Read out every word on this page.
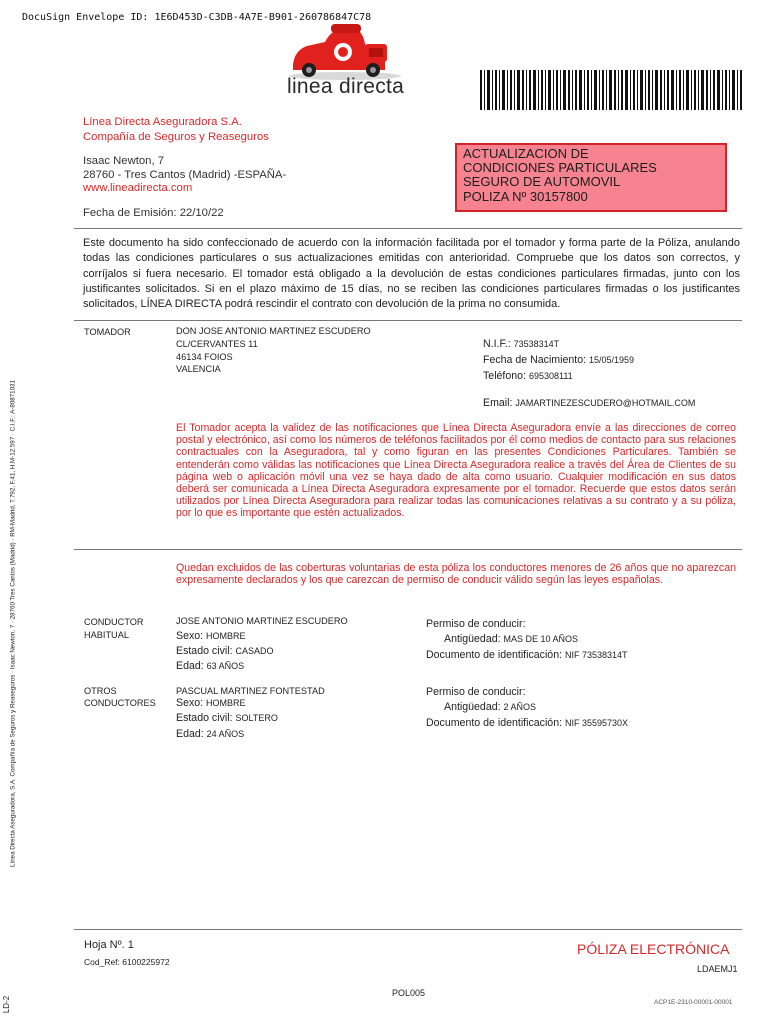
DocuSign Envelope ID: 1E6D453D-C3DB-4A7E-B901-260786847C78
Línea Directa Aseguradora, S.A. Compañía de Seguros y Reaseguros · Isaac Newton, 7 · 28760 Tres Cantos (Madrid) · RM-Madrid, T.792, F.41, H.M-12.597 · C.I.F.: A-80871031
linea directa
Línea Directa Aseguradora S.A.
Compañía de Seguros y Reaseguros
Isaac Newton, 7
28760 - Tres Cantos (Madrid) -ESPAÑA-
www.lineadirecta.com
Fecha de Emisión: 22/10/22
ACTUALIZACION DE
CONDICIONES PARTICULARES
SEGURO DE AUTOMOVIL
POLIZA Nº 30157800
Este documento ha sido confeccionado de acuerdo con la información facilitada por el tomador y forma parte de la Póliza, anulando todas las condiciones particulares o sus actualizaciones emitidas con anterioridad. Compruebe que los datos son correctos, y corríjalos si fuera necesario. El tomador está obligado a la devolución de estas condiciones particulares firmadas, junto con los justificantes solicitados. Si en el plazo máximo de 15 días, no se reciben las condiciones particulares firmadas o los justificantes solicitados, LÍNEA DIRECTA podrá rescindir el contrato con devolución de la prima no consumida.
TOMADOR	DON JOSE ANTONIO MARTINEZ ESCUDERO
CL/CERVANTES 11
46134 FOIOS
VALENCIA
N.I.F.: 73538314T
Fecha de Nacimiento: 15/05/1959
Teléfono: 695308111
Email: JAMARTINEZESCUDERO@HOTMAIL.COM
El Tomador acepta la validez de las notificaciones que Línea Directa Aseguradora envíe a las direcciones de correo postal y electrónico, así como los números de teléfonos facilitados por él como medios de contacto para sus relaciones contractuales con la Aseguradora, tal y como figuran en las presentes Condiciones Particulares. También se entenderán como válidas las notificaciones que Línea Directa Aseguradora realice a través del Área de Clientes de su página web o aplicación móvil una vez se haya dado de alta como usuario. Cualquier modificación en sus datos deberá ser comunicada a Línea Directa Aseguradora expresamente por el tomador. Recuerde que estos datos serán utilizados por Línea Directa Aseguradora para realizar todas las comunicaciones relativas a su contrato y a su póliza, por lo que es importante que estén actualizados.
Quedan excluidos de las coberturas voluntarias de esta póliza los conductores menores de 26 años que no aparezcan expresamente declarados y los que carezcan de permiso de conducir válido según las leyes españolas.
CONDUCTOR
HABITUAL
JOSE ANTONIO MARTINEZ ESCUDERO
Sexo: HOMBRE
Estado civil: CASADO
Edad: 63 AÑOS
Permiso de conducir:
Antigüedad: MAS DE 10 AÑOS
Documento de identificación: NIF 73538314T
OTROS
CONDUCTORES
PASCUAL MARTINEZ FONTESTAD
Sexo: HOMBRE
Estado civil: SOLTERO
Edad: 24 AÑOS
Permiso de conducir:
Antigüedad: 2 AÑOS
Documento de identificación: NIF 35595730X
Hoja Nº. 1
Cod_Ref: 6100225972
PÓLIZA ELECTRÓNICA
LDAEMJ1
POL005
ACP1E-2310-00001-00001
LD-2
